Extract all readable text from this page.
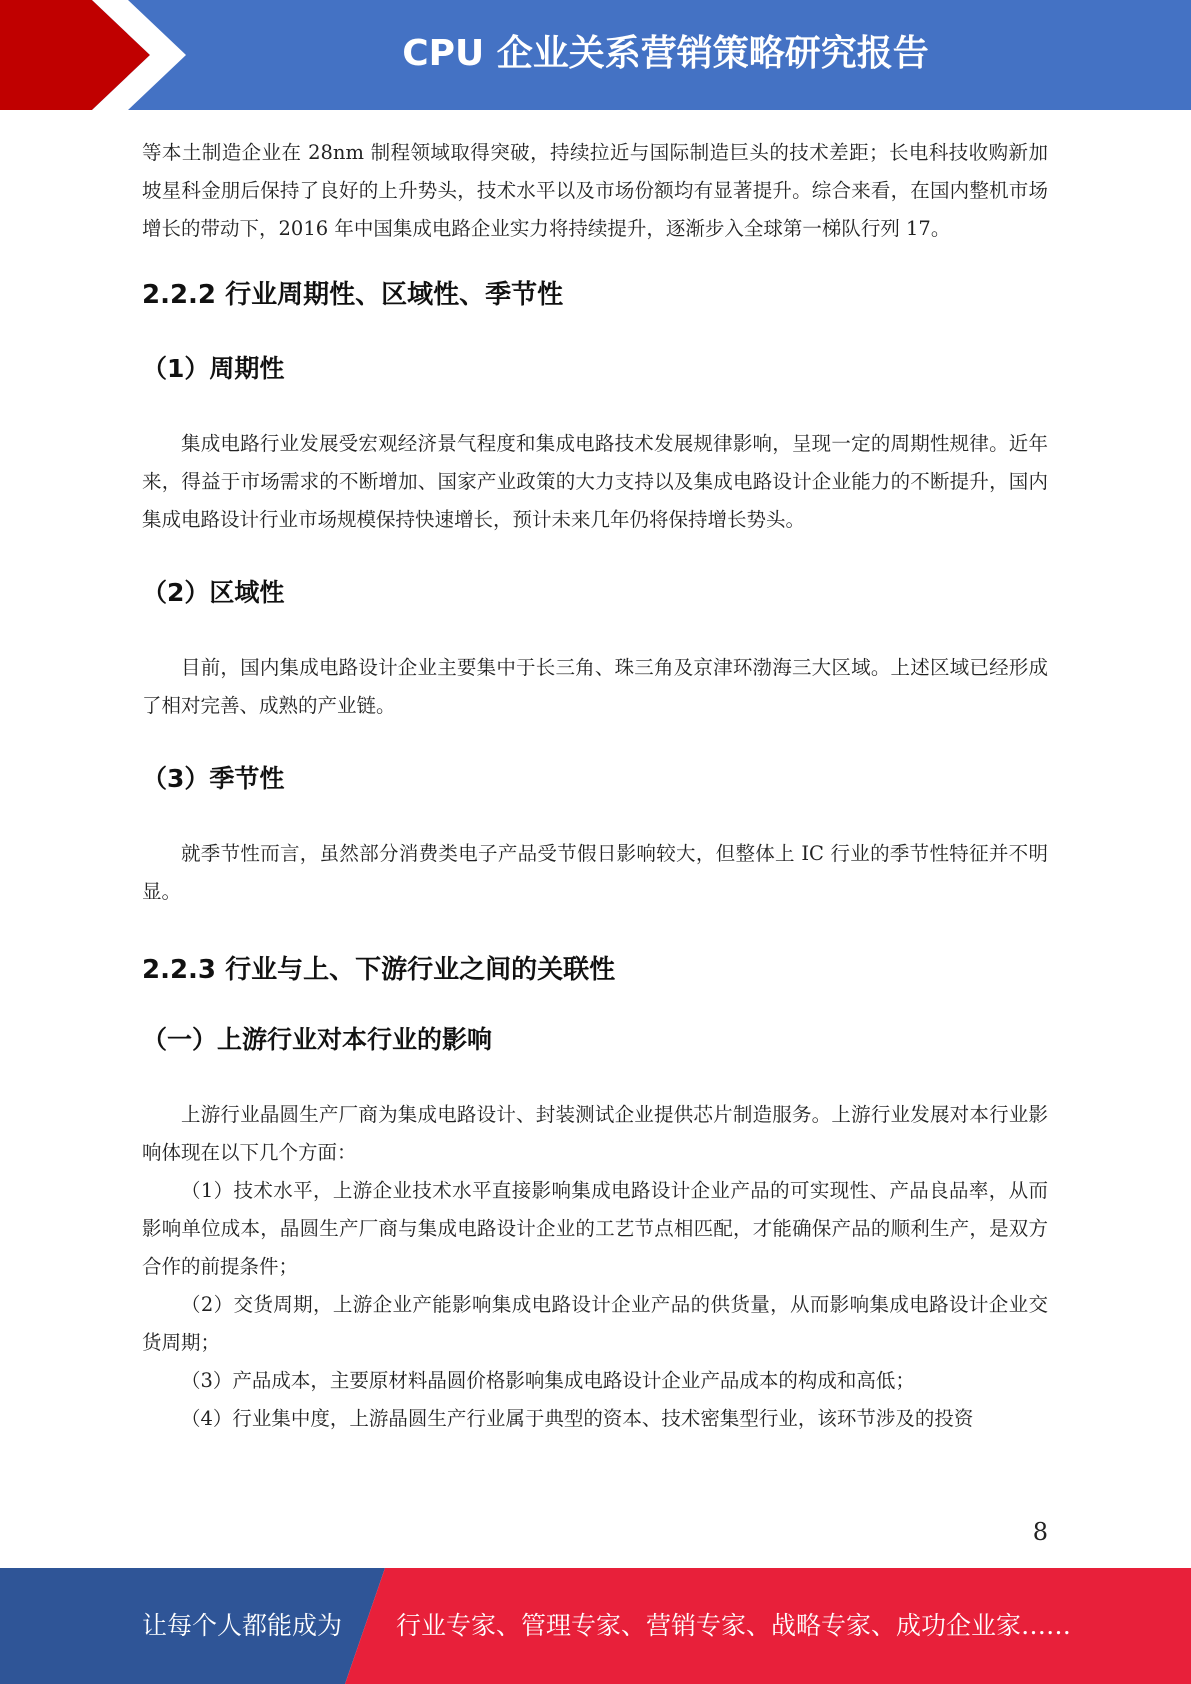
CPU 企业关系营销策略研究报告

等本土制造企业在 28nm 制程领域取得突破，持续拉近与国际制造巨头的技术差距；长电科技收购新加坡星科金朋后保持了良好的上升势头，技术水平以及市场份额均有显著提升。综合来看，在国内整机市场增长的带动下，2016 年中国集成电路企业实力将持续提升，逐渐步入全球第一梯队行列 17。

2.2.2 行业周期性、区域性、季节性
（1）周期性

集成电路行业发展受宏观经济景气程度和集成电路技术发展规律影响，呈现一定的周期性规律。近年来，得益于市场需求的不断增加、国家产业政策的大力支持以及集成电路设计企业能力的不断提升，国内集成电路设计行业市场规模保持快速增长，预计未来几年仍将保持增长势头。

（2）区域性

目前，国内集成电路设计企业主要集中于长三角、珠三角及京津环渤海三大区域。上述区域已经形成了相对完善、成熟的产业链。

（3）季节性

就季节性而言，虽然部分消费类电子产品受节假日影响较大，但整体上 IC 行业的季节性特征并不明显。

2.2.3 行业与上、下游行业之间的关联性
（一）上游行业对本行业的影响

上游行业晶圆生产厂商为集成电路设计、封装测试企业提供芯片制造服务。上游行业发展对本行业影响体现在以下几个方面：

（1）技术水平，上游企业技术水平直接影响集成电路设计企业产品的可实现性、产品良品率，从而影响单位成本，晶圆生产厂商与集成电路设计企业的工艺节点相匹配，才能确保产品的顺利生产，是双方合作的前提条件；

（2）交货周期，上游企业产能影响集成电路设计企业产品的供货量，从而影响集成电路设计企业交货周期；

（3）产品成本，主要原材料晶圆价格影响集成电路设计企业产品成本的构成和高低；

（4）行业集中度，上游晶圆生产行业属于典型的资本、技术密集型行业，该环节涉及的投资

8
让每个人都能成为 行业专家、管理专家、营销专家、战略专家、成功企业家……
